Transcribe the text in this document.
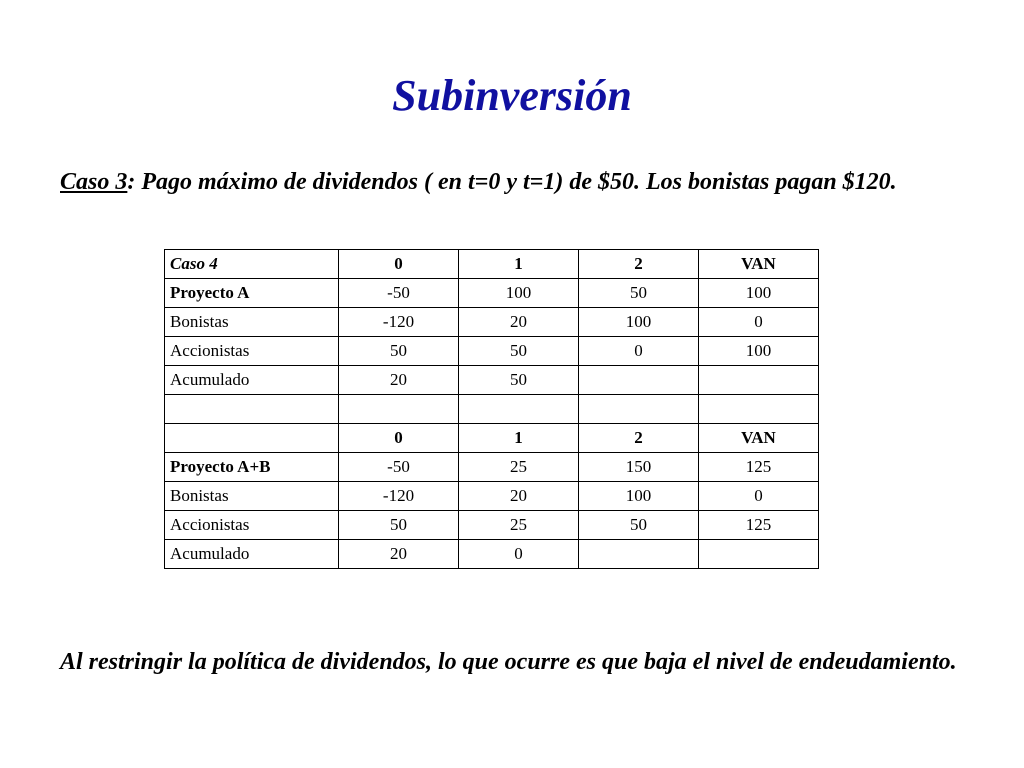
Subinversión

Caso 3: Pago máximo de dividendos ( en t=0 y t=1) de $50. Los bonistas pagan $120.

Caso 4	0	1	2	VAN
Proyecto A	-50	100	50	100
Bonistas	-120	20	100	0
Accionistas	50	50	0	100
Acumulado	20	50		

	0	1	2	VAN
Proyecto A+B	-50	25	150	125
Bonistas	-120	20	100	0
Accionistas	50	25	50	125
Acumulado	20	0		

Al restringir la política de dividendos, lo que ocurre es que baja el nivel de endeudamiento.
